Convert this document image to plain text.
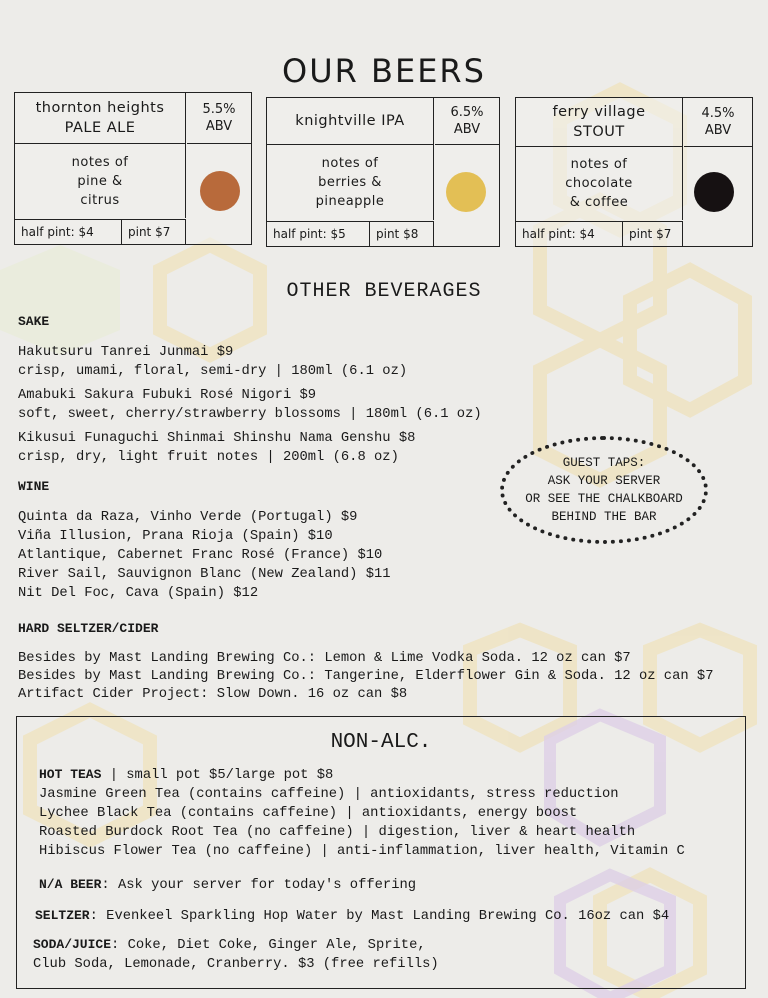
OUR BEERS
thornton heights
PALE ALE
5.5%
ABV
notes of
pine &
citrus
half pint: $4	pint $7
knightville IPA
6.5%
ABV
notes of
berries &
pineapple
half pint: $5	pint $8
ferry village
STOUT
4.5%
ABV
notes of
chocolate
& coffee
half pint: $4	pint $7
OTHER BEVERAGES
SAKE
Hakutsuru Tanrei Junmai $9
crisp, umami, floral, semi-dry | 180ml (6.1 oz)
Amabuki Sakura Fubuki Rosé Nigori $9
soft, sweet, cherry/strawberry blossoms | 180ml (6.1 oz)
Kikusui Funaguchi Shinmai Shinshu Nama Genshu $8
crisp, dry, light fruit notes | 200ml (6.8 oz)
WINE
Quinta da Raza, Vinho Verde (Portugal) $9
Viña Illusion, Prana Rioja (Spain) $10
Atlantique, Cabernet Franc Rosé (France) $10
River Sail, Sauvignon Blanc (New Zealand) $11
Nit Del Foc, Cava (Spain) $12
HARD SELTZER/CIDER
Besides by Mast Landing Brewing Co.: Lemon & Lime Vodka Soda. 12 oz can $7
Besides by Mast Landing Brewing Co.: Tangerine, Elderflower Gin & Soda. 12 oz can $7
Artifact Cider Project: Slow Down. 16 oz can $8
GUEST TAPS:
ASK YOUR SERVER
OR SEE THE CHALKBOARD
BEHIND THE BAR
NON-ALC.
HOT TEAS | small pot $5/large pot $8
Jasmine Green Tea (contains caffeine) | antioxidants, stress reduction
Lychee Black Tea (contains caffeine) | antioxidants, energy boost
Roasted Burdock Root Tea (no caffeine) | digestion, liver & heart health
Hibiscus Flower Tea (no caffeine) | anti-inflammation, liver health, Vitamin C
N/A BEER: Ask your server for today's offering
SELTZER: Evenkeel Sparkling Hop Water by Mast Landing Brewing Co. 16oz can $4
SODA/JUICE: Coke, Diet Coke, Ginger Ale, Sprite,
Club Soda, Lemonade, Cranberry. $3 (free refills)
